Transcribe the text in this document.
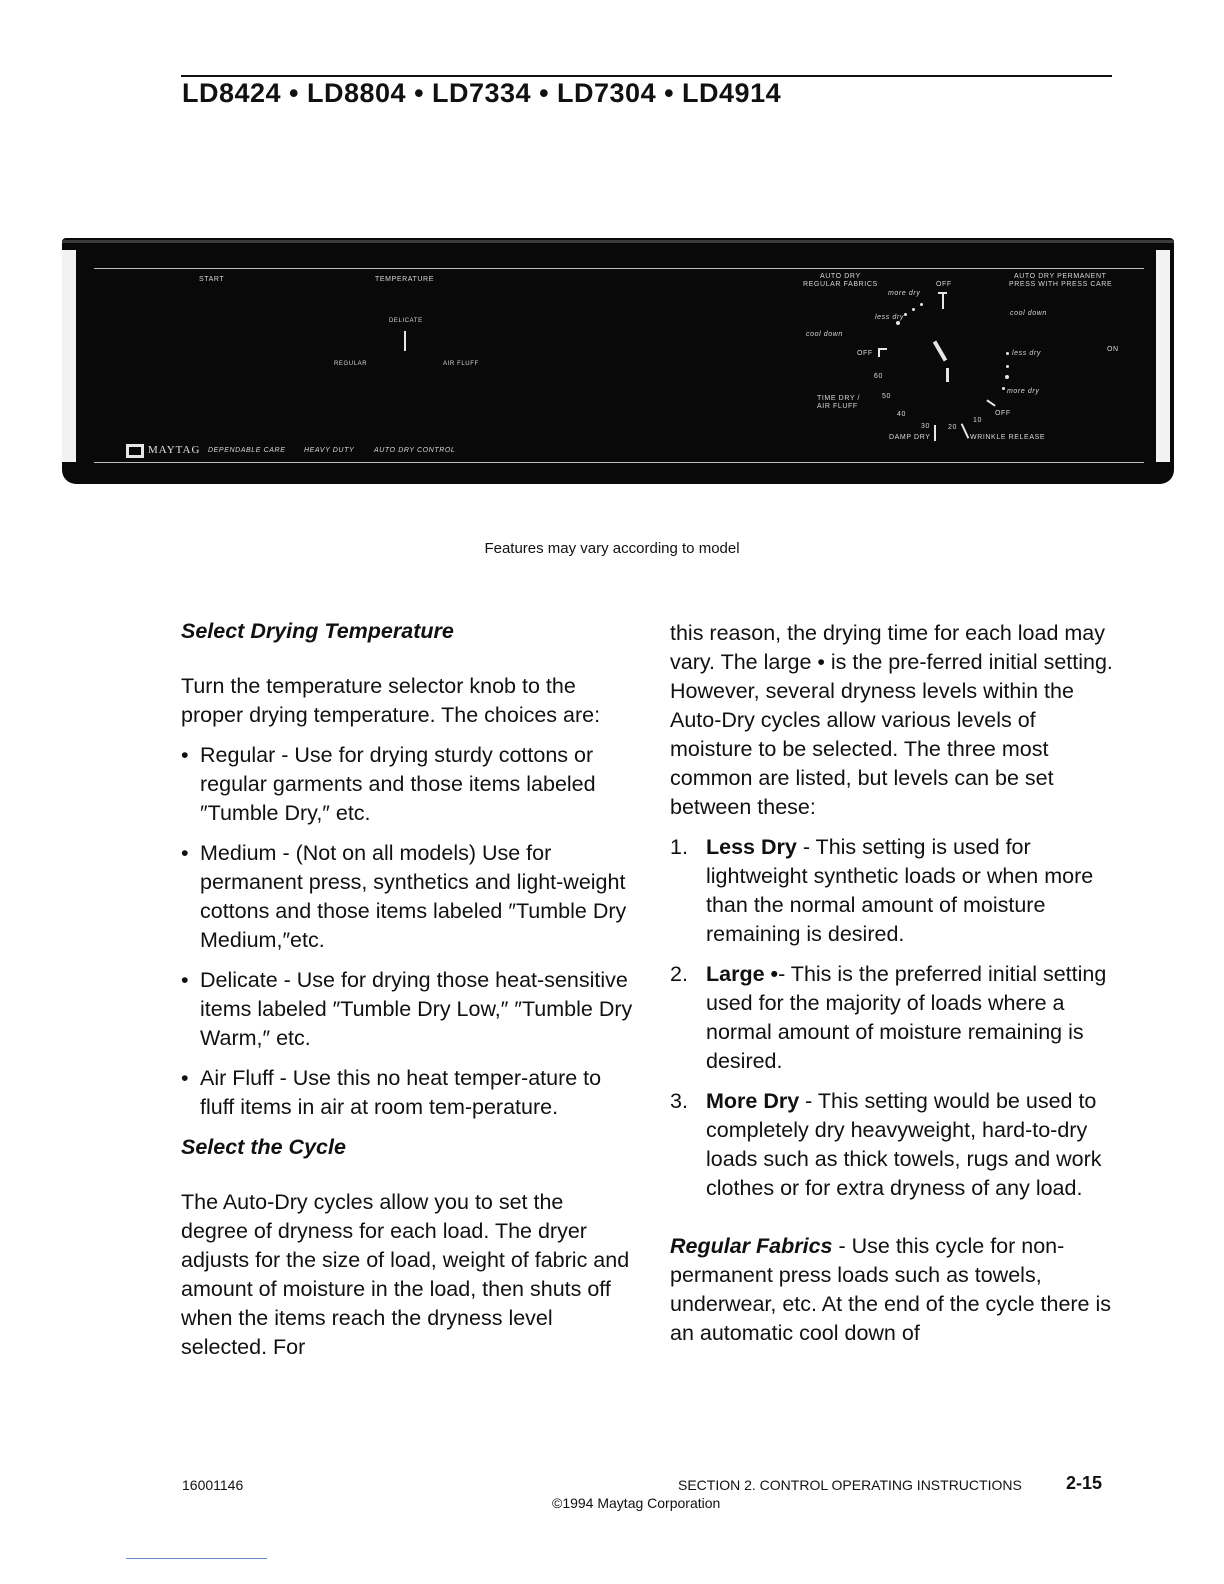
LD8424 • LD8804 • LD7334 • LD7304 • LD4914
START	TEMPERATURE
DELICATE
REGULAR	AIR FLUFF
AUTO DRY
REGULAR FABRICS
more dry
OFF
less dry
cool down
OFF
60
TIME DRY /
AIR FLUFF
50
40
30	20
10
DAMP DRY	WRINKLE RELEASE
AUTO DRY PERMANENT
PRESS WITH PRESS CARE
cool down
less dry
more dry
OFF
ON
MAYTAG DEPENDABLE CARE	HEAVY DUTY	AUTO DRY CONTROL
Features may vary according to model

Select Drying Temperature

Turn the temperature selector knob to the proper drying temperature. The choices are:

• Regular - Use for drying sturdy cottons or regular garments and those items labeled ″Tumble Dry,″ etc.

• Medium - (Not on all models) Use for permanent press, synthetics and light-weight cottons and those items labeled ″Tumble Dry Medium,″etc.

• Delicate - Use for drying those heat-sensitive items labeled ″Tumble Dry Low,″ ″Tumble Dry Warm,″ etc.

• Air Fluff - Use this no heat temper-ature to fluff items in air at room tem-perature.

Select the Cycle

The Auto-Dry cycles allow you to set the degree of dryness for each load. The dryer adjusts for the size of load, weight of fabric and amount of moisture in the load, then shuts off when the items reach the dryness level selected. For

this reason, the drying time for each load may vary. The large • is the pre-ferred initial setting. However, several dryness levels within the Auto-Dry cycles allow various levels of moisture to be selected. The three most common are listed, but levels can be set between these:

1. Less Dry - This setting is used for lightweight synthetic loads or when more than the normal amount of moisture remaining is desired.

2. Large •- This is the preferred initial setting used for the majority of loads where a normal amount of moisture remaining is desired.

3. More Dry - This setting would be used to completely dry heavyweight, hard-to-dry loads such as thick towels, rugs and work clothes or for extra dryness of any load.

Regular Fabrics - Use this cycle for non-permanent press loads such as towels, underwear, etc. At the end of the cycle there is an automatic cool down of

16001146	SECTION 2. CONTROL OPERATING INSTRUCTIONS 2-15
©1994 Maytag Corporation
